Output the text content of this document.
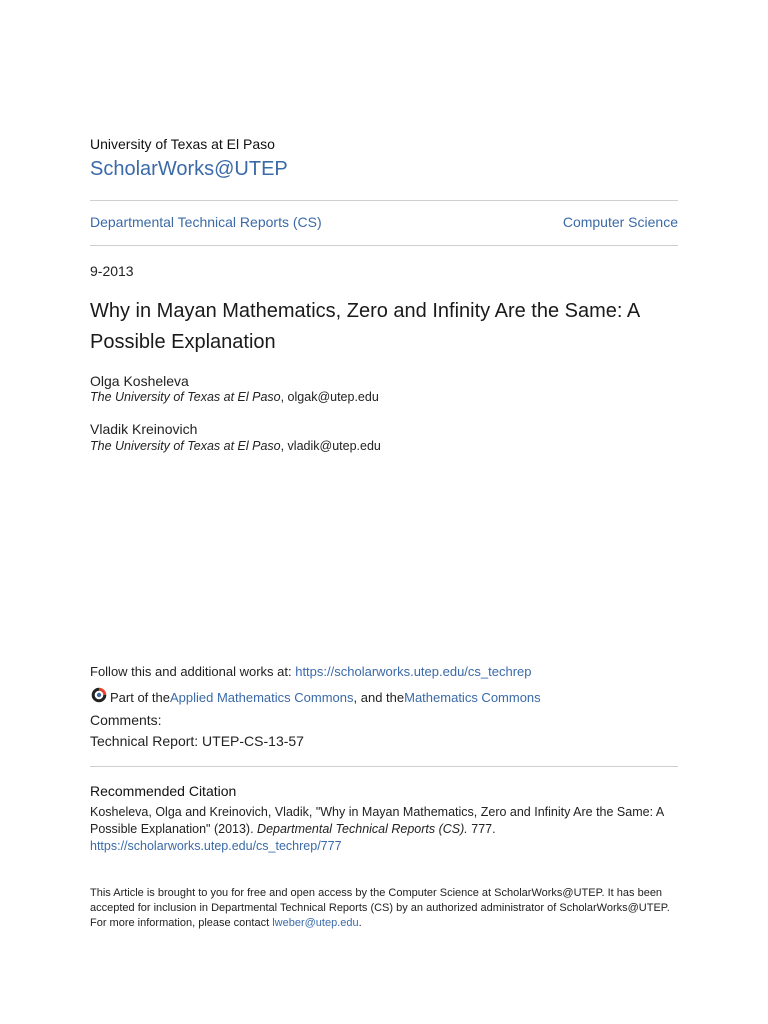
University of Texas at El Paso
ScholarWorks@UTEP
Departmental Technical Reports (CS)	Computer Science
9-2013
Why in Mayan Mathematics, Zero and Infinity Are the Same: A Possible Explanation
Olga Kosheleva
The University of Texas at El Paso, olgak@utep.edu
Vladik Kreinovich
The University of Texas at El Paso, vladik@utep.edu
Follow this and additional works at: https://scholarworks.utep.edu/cs_techrep
Part of the Applied Mathematics Commons , and the Mathematics Commons
Comments:
Technical Report: UTEP-CS-13-57
Recommended Citation
Kosheleva, Olga and Kreinovich, Vladik, "Why in Mayan Mathematics, Zero and Infinity Are the Same: A Possible Explanation" (2013). Departmental Technical Reports (CS). 777.
https://scholarworks.utep.edu/cs_techrep/777
This Article is brought to you for free and open access by the Computer Science at ScholarWorks@UTEP. It has been accepted for inclusion in Departmental Technical Reports (CS) by an authorized administrator of ScholarWorks@UTEP. For more information, please contact lweber@utep.edu.
